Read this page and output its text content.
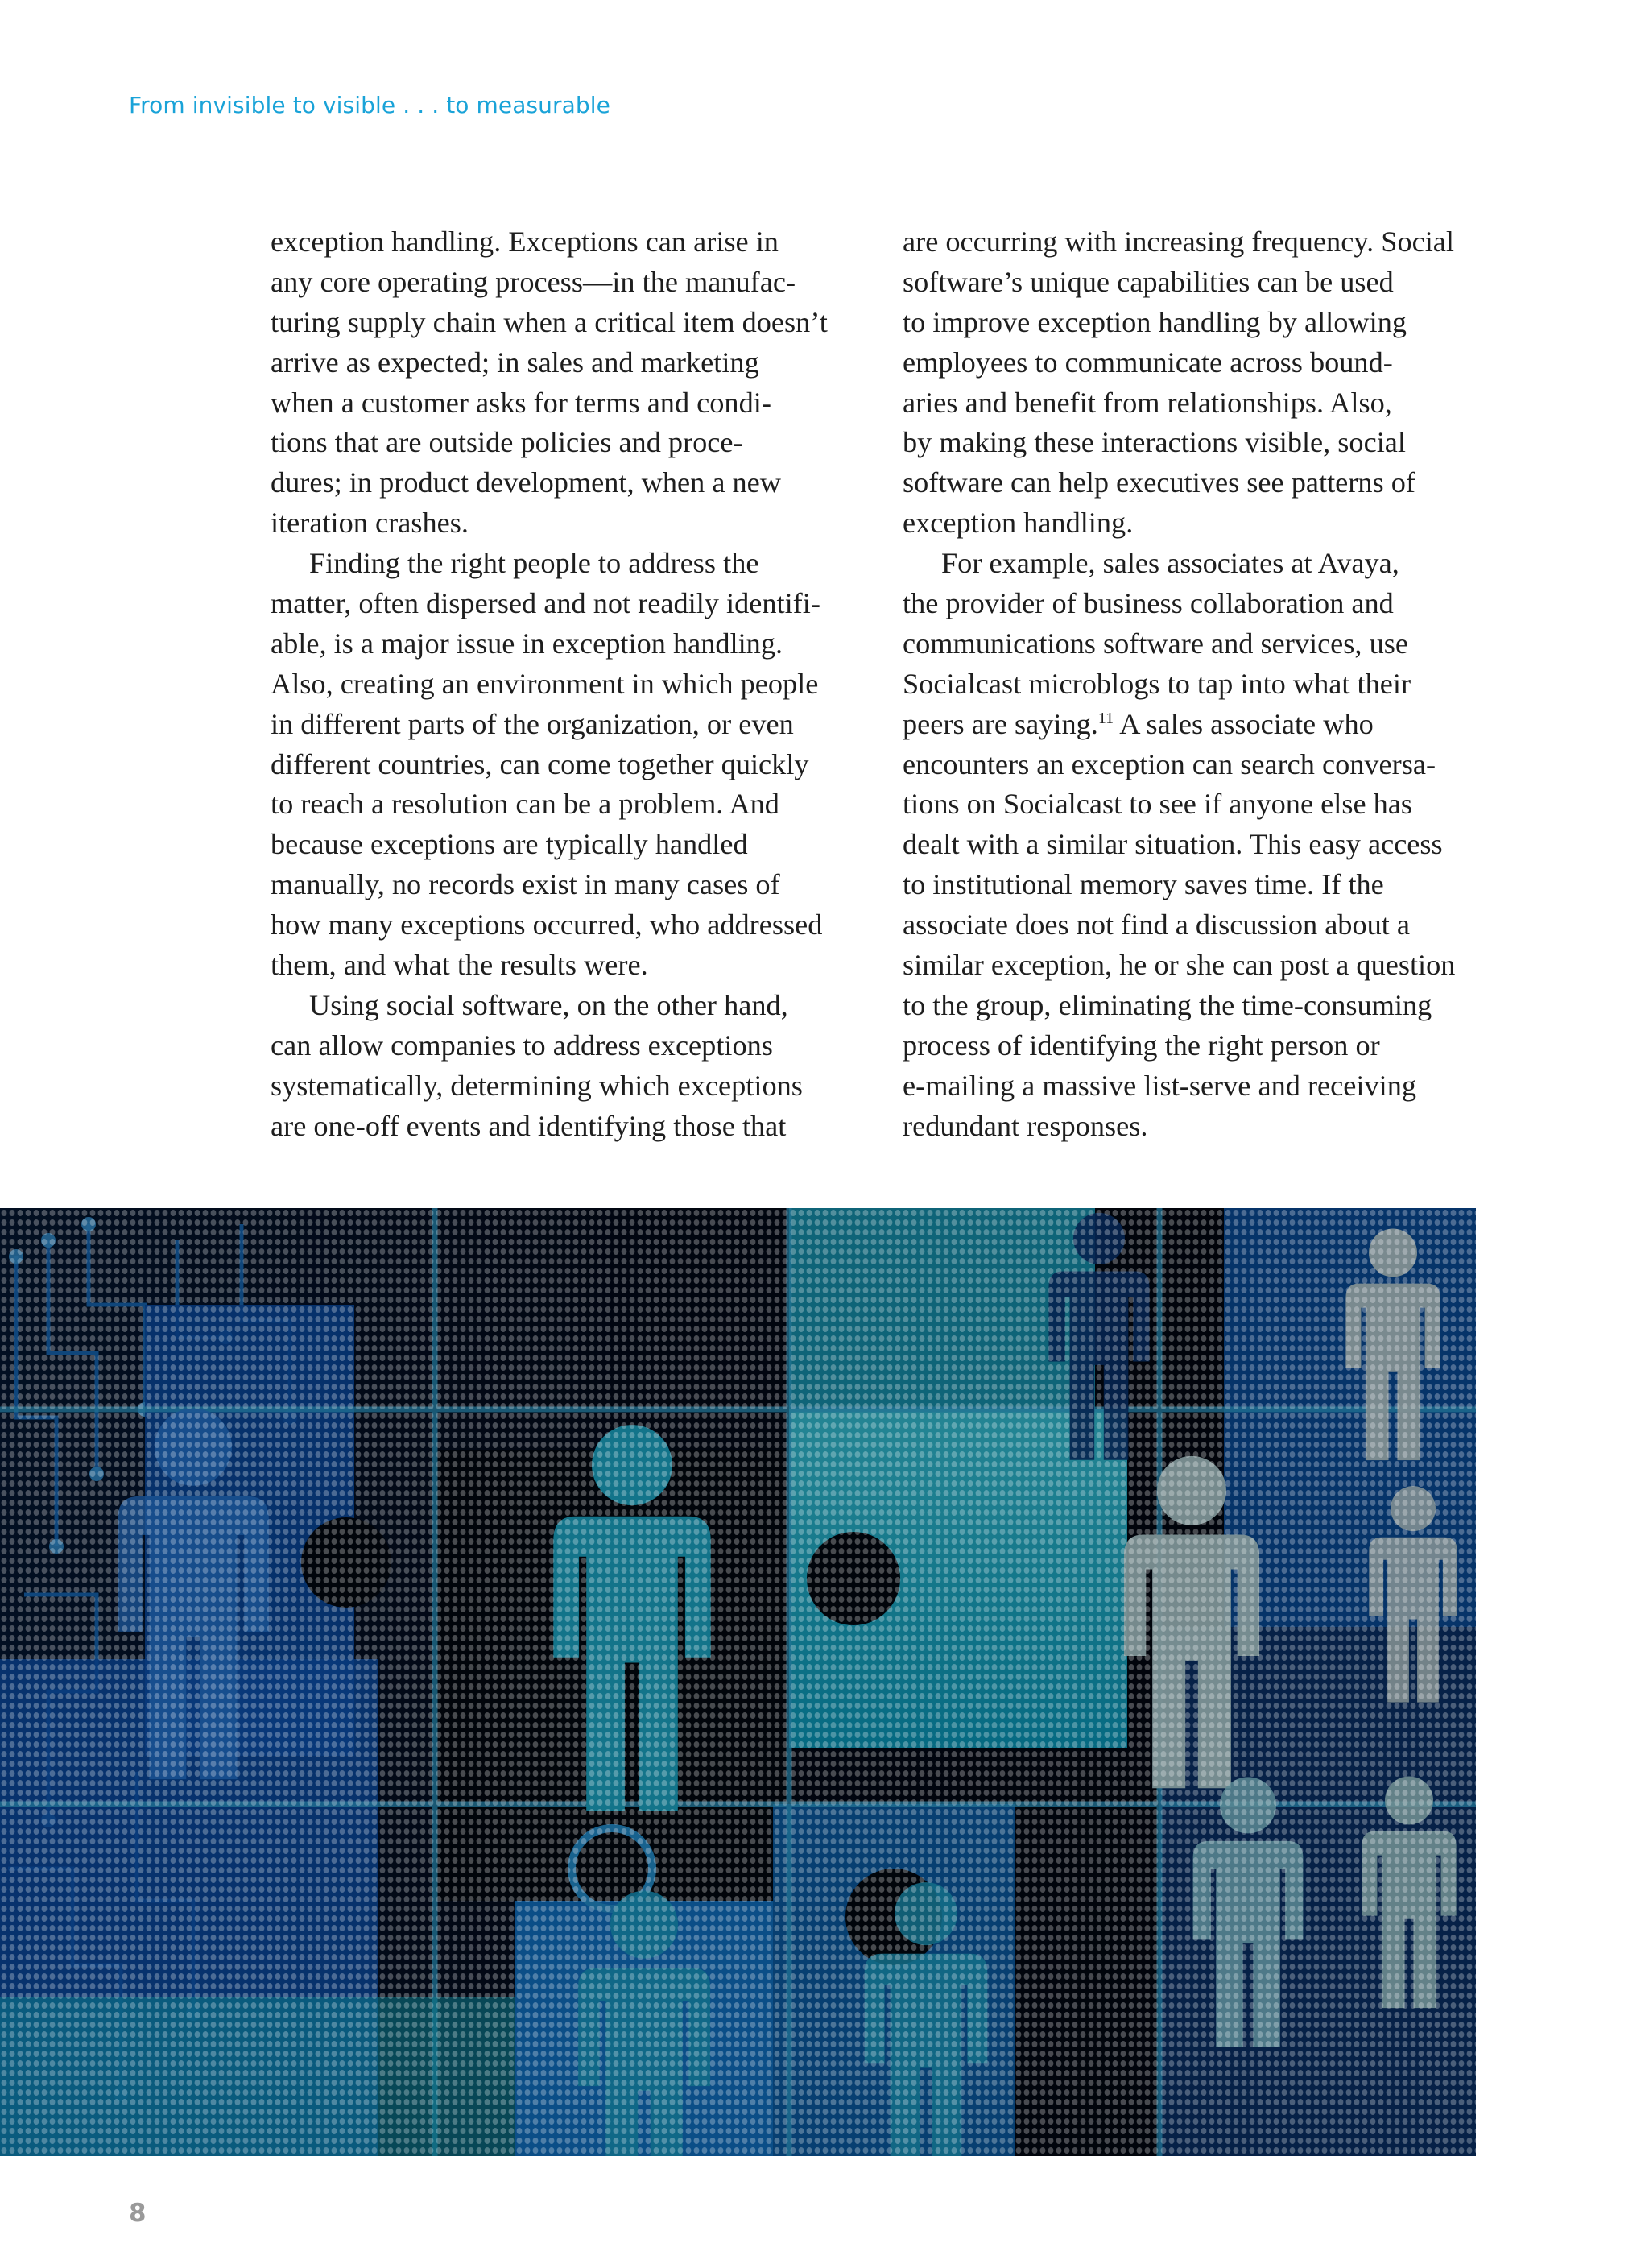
From invisible to visible . . . to measurable
exception handling. Exceptions can arise in
any core operating process—in the manufac-
turing supply chain when a critical item doesn’t
arrive as expected; in sales and marketing
when a customer asks for terms and condi-
tions that are outside policies and proce-
dures; in product development, when a new
iteration crashes.
Finding the right people to address the
matter, often dispersed and not readily identifi-
able, is a major issue in exception handling.
Also, creating an environment in which people
in different parts of the organization, or even
different countries, can come together quickly
to reach a resolution can be a problem. And
because exceptions are typically handled
manually, no records exist in many cases of
how many exceptions occurred, who addressed
them, and what the results were.
Using social software, on the other hand,
can allow companies to address exceptions
systematically, determining which exceptions
are one-off events and identifying those that
are occurring with increasing frequency. Social
software’s unique capabilities can be used
to improve exception handling by allowing
employees to communicate across bound-
aries and benefit from relationships. Also,
by making these interactions visible, social
software can help executives see patterns of
exception handling.
For example, sales associates at Avaya,
the provider of business collaboration and
communications software and services, use
Socialcast microblogs to tap into what their
peers are saying.$^{11}$ A sales associate who
encounters an exception can search conversa-
tions on Socialcast to see if anyone else has
dealt with a similar situation. This easy access
to institutional memory saves time. If the
associate does not find a discussion about a
similar exception, he or she can post a question
to the group, eliminating the time-consuming
process of identifying the right person or
e-mailing a massive list-serve and receiving
redundant responses.
8
